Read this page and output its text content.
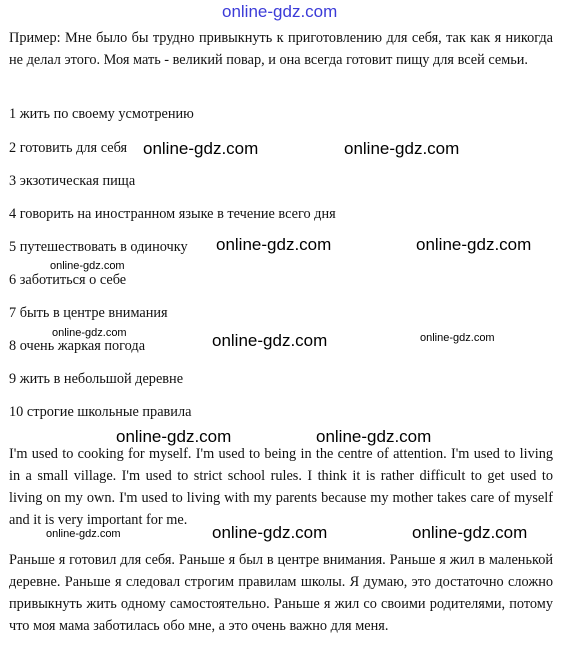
online-gdz.com

Пример: Мне было бы трудно привыкнуть к приготовлению для себя, так как я никогда не делал этого. Моя мать - великий повар, и она всегда готовит пищу для всей семьи.

1 жить по своему усмотрению

2 готовить для себя

3 экзотическая пища

4 говорить на иностранном языке в течение всего дня

5 путешествовать в одиночку

6 заботиться о себе

7 быть в центре внимания

8 очень жаркая погода

9 жить в небольшой деревне

10 строгие школьные правила

I'm used to cooking for myself. I'm used to being in the centre of attention. I'm used to living in a small village. I'm used to strict school rules. I think it is rather difficult to get used to living on my own. I'm used to living with my parents because my mother takes care of myself and it is very important for me.

Раньше я готовил для себя. Раньше я был в центре внимания. Раньше я жил в маленькой деревне. Раньше я следовал строгим правилам школы. Я думаю, это достаточно сложно привыкнуть жить одному самостоятельно. Раньше я жил со своими родителями, потому что моя мама заботилась обо мне, а это очень важно для меня.

online-gdz.com	online-gdz.com
online-gdz.com	online-gdz.com
online-gdz.com
online-gdz.com	online-gdz.com	online-gdz.com
online-gdz.com	online-gdz.com
online-gdz.com	online-gdz.com	online-gdz.com
